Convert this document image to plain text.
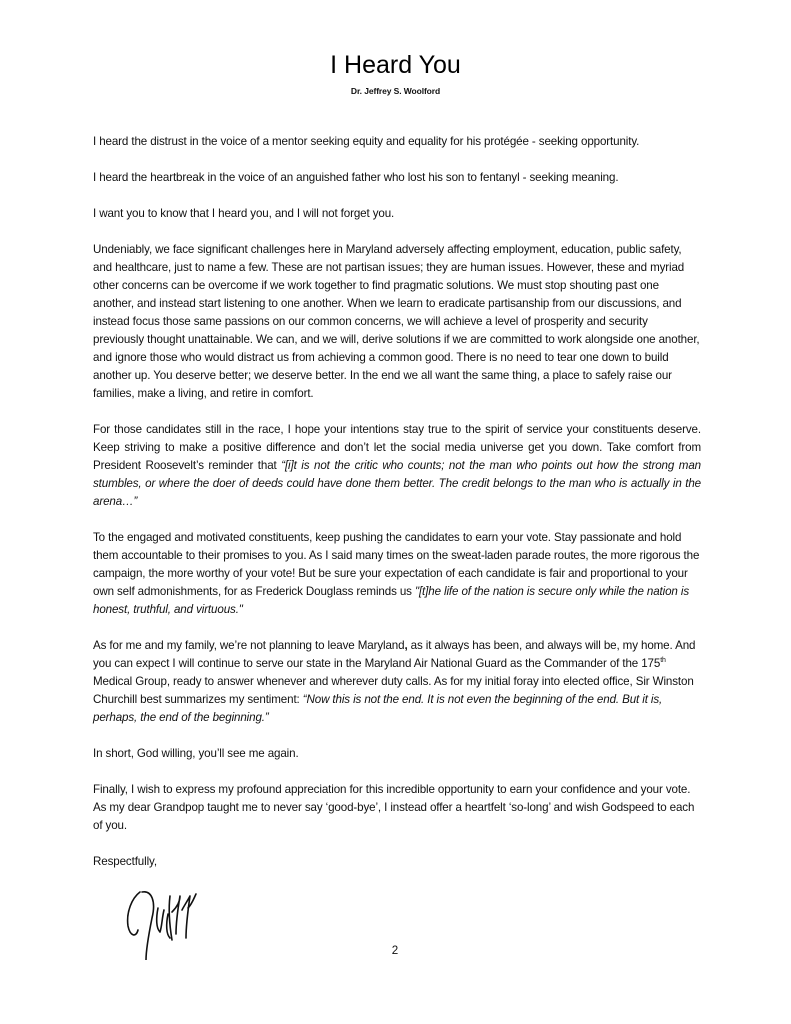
I Heard You
Dr. Jeffrey S. Woolford

I heard the distrust in the voice of a mentor seeking equity and equality for his protégée - seeking opportunity.

I heard the heartbreak in the voice of an anguished father who lost his son to fentanyl - seeking meaning.

I want you to know that I heard you, and I will not forget you.

Undeniably, we face significant challenges here in Maryland adversely affecting employment, education, public safety, and healthcare, just to name a few. These are not partisan issues; they are human issues. However, these and myriad other concerns can be overcome if we work together to find pragmatic solutions. We must stop shouting past one another, and instead start listening to one another. When we learn to eradicate partisanship from our discussions, and instead focus those same passions on our common concerns, we will achieve a level of prosperity and security previously thought unattainable. We can, and we will, derive solutions if we are committed to work alongside one another, and ignore those who would distract us from achieving a common good. There is no need to tear one down to build another up. You deserve better; we deserve better. In the end we all want the same thing, a place to safely raise our families, make a living, and retire in comfort.

For those candidates still in the race, I hope your intentions stay true to the spirit of service your constituents deserve. Keep striving to make a positive difference and don’t let the social media universe get you down. Take comfort from President Roosevelt’s reminder that “[i]t is not the critic who counts; not the man who points out how the strong man stumbles, or where the doer of deeds could have done them better. The credit belongs to the man who is actually in the arena…”

To the engaged and motivated constituents, keep pushing the candidates to earn your vote. Stay passionate and hold them accountable to their promises to you. As I said many times on the sweat-laden parade routes, the more rigorous the campaign, the more worthy of your vote! But be sure your expectation of each candidate is fair and proportional to your own self admonishments, for as Frederick Douglass reminds us "[t]he life of the nation is secure only while the nation is honest, truthful, and virtuous."

As for me and my family, we’re not planning to leave Maryland, as it always has been, and always will be, my home. And you can expect I will continue to serve our state in the Maryland Air National Guard as the Commander of the 175th Medical Group, ready to answer whenever and wherever duty calls. As for my initial foray into elected office, Sir Winston Churchill best summarizes my sentiment: “Now this is not the end. It is not even the beginning of the end. But it is, perhaps, the end of the beginning.”

In short, God willing, you’ll see me again.

Finally, I wish to express my profound appreciation for this incredible opportunity to earn your confidence and your vote. As my dear Grandpop taught me to never say ‘good-bye’, I instead offer a heartfelt ‘so-long’ and wish Godspeed to each of you.

Respectfully,

2
